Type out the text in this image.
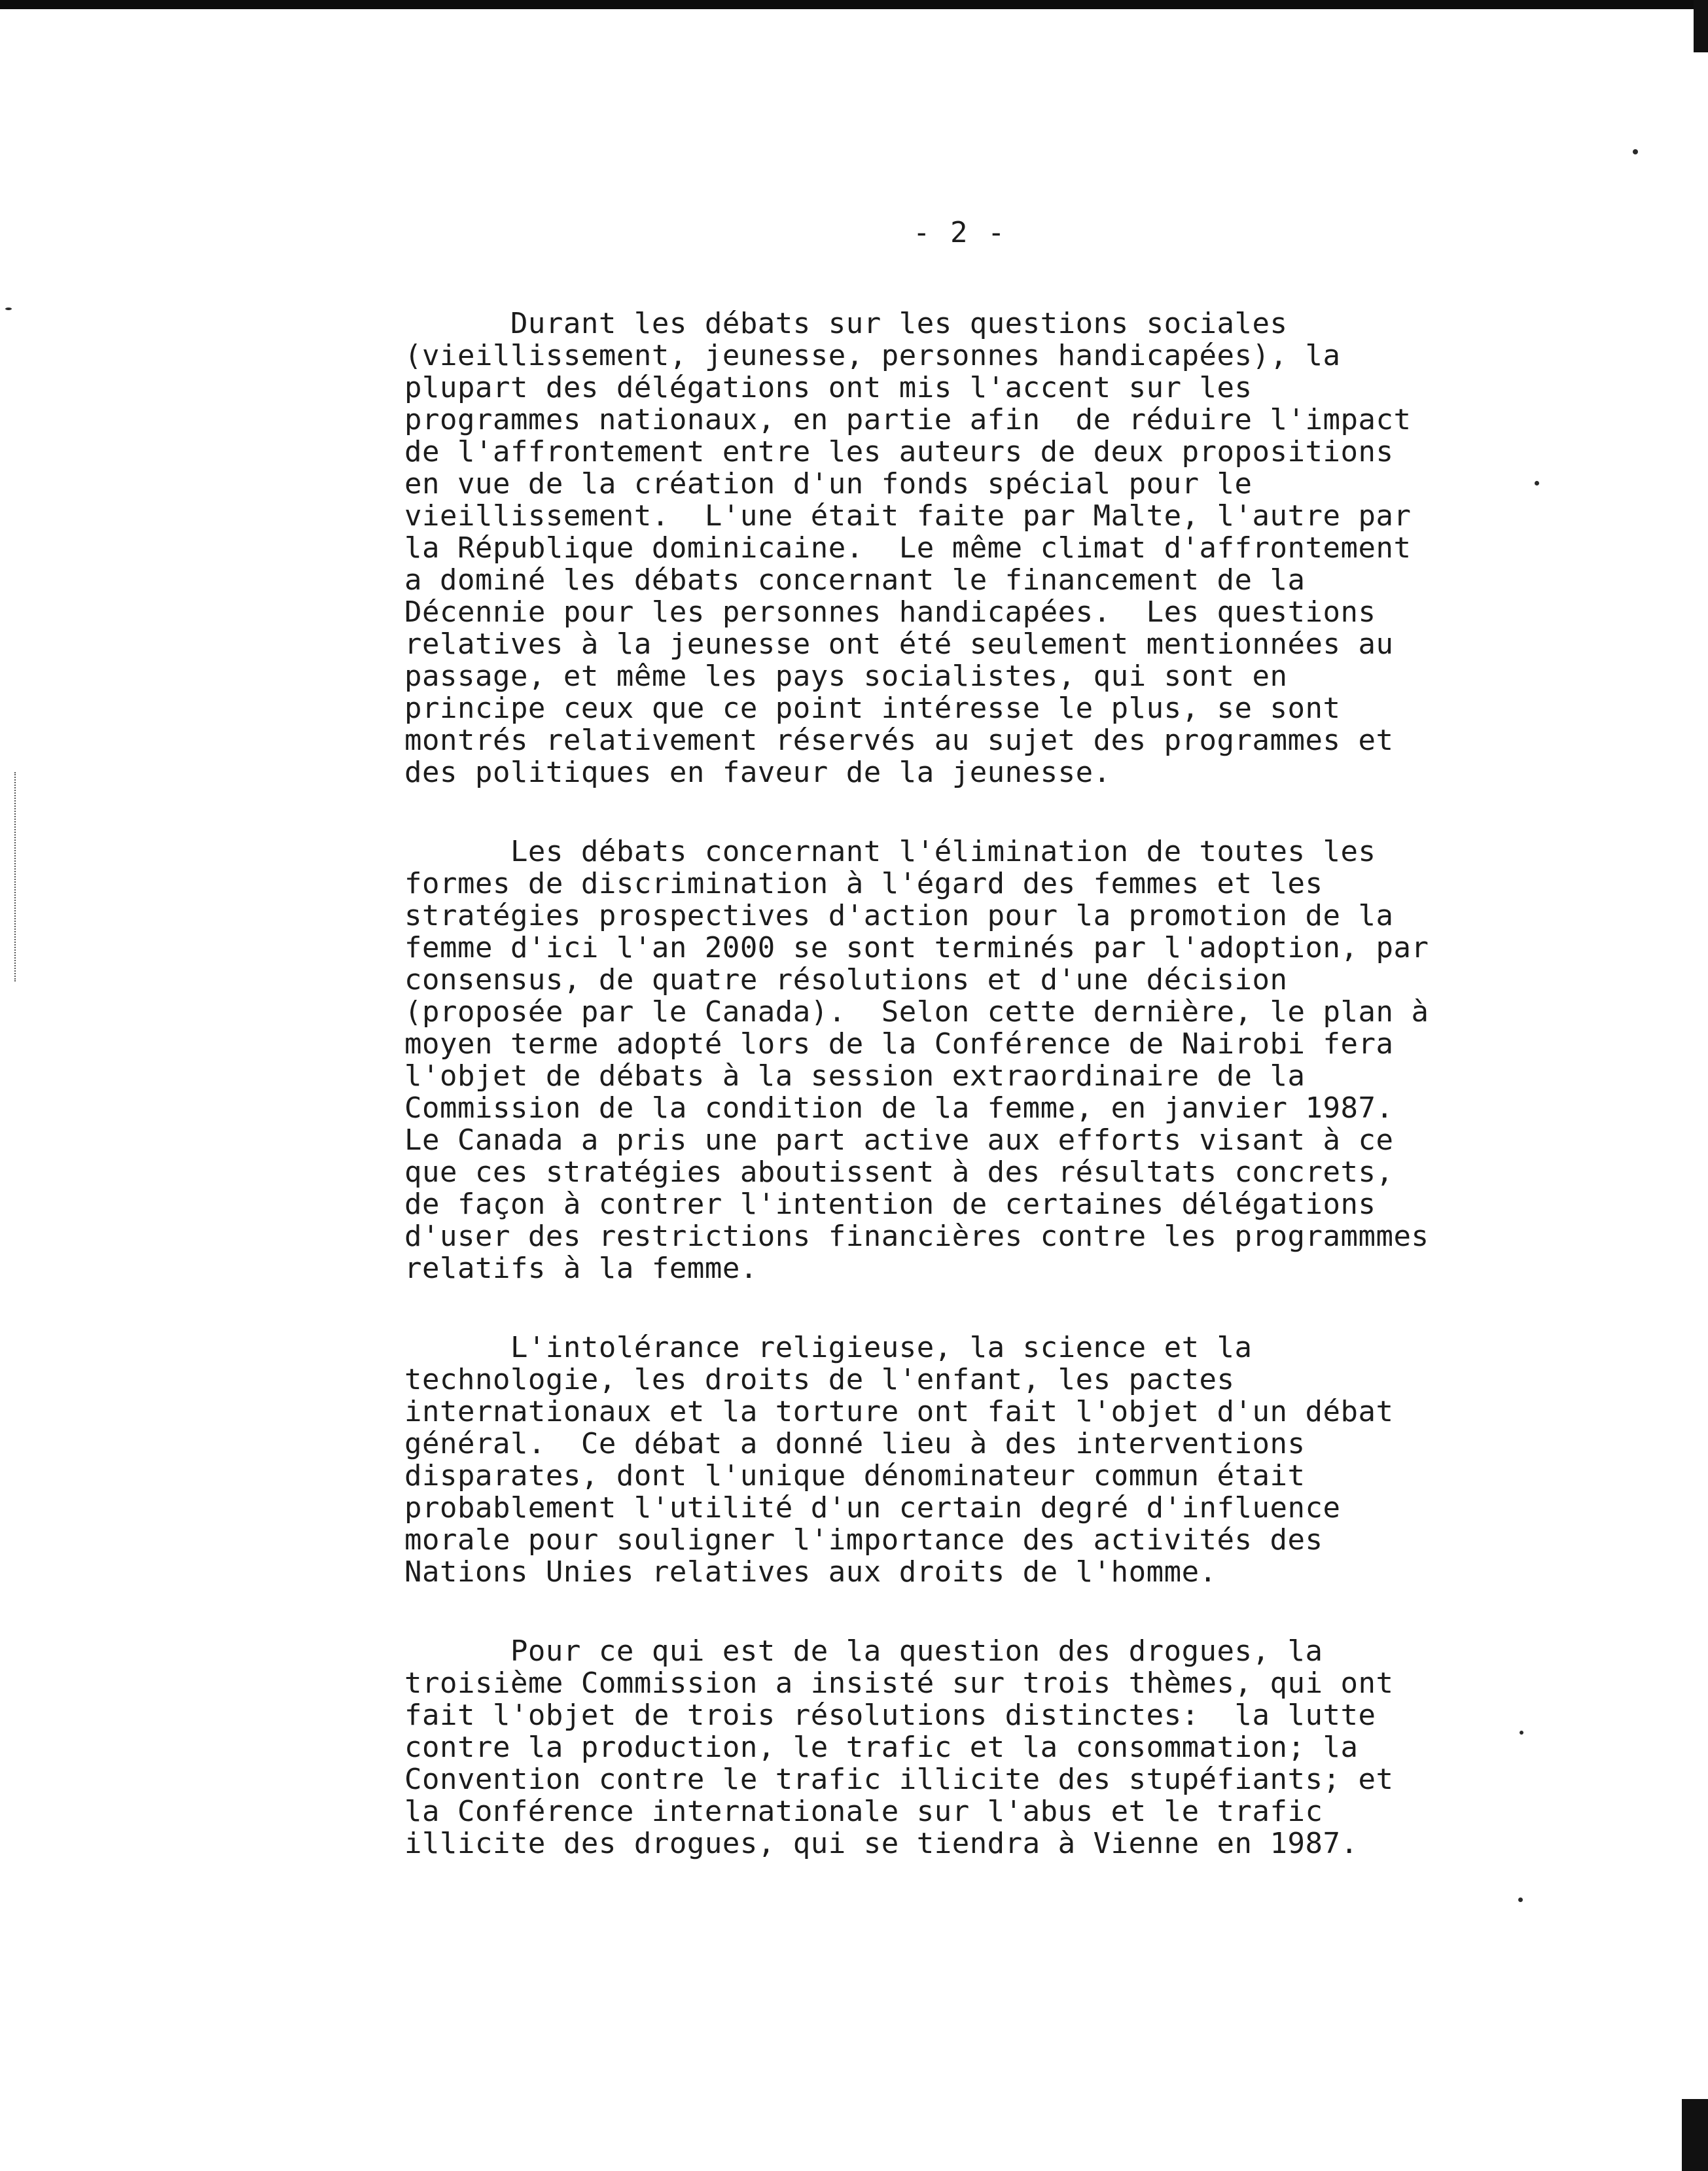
- 2 -
Durant les débats sur les questions sociales
(vieillissement, jeunesse, personnes handicapées), la
plupart des délégations ont mis l'accent sur les
programmes nationaux, en partie afin  de réduire l'impact
de l'affrontement entre les auteurs de deux propositions
en vue de la création d'un fonds spécial pour le
vieillissement.  L'une était faite par Malte, l'autre par
la République dominicaine.  Le même climat d'affrontement
a dominé les débats concernant le financement de la
Décennie pour les personnes handicapées.  Les questions
relatives à la jeunesse ont été seulement mentionnées au
passage, et même les pays socialistes, qui sont en
principe ceux que ce point intéresse le plus, se sont
montrés relativement réservés au sujet des programmes et
des politiques en faveur de la jeunesse.
Les débats concernant l'élimination de toutes les
formes de discrimination à l'égard des femmes et les
stratégies prospectives d'action pour la promotion de la
femme d'ici l'an 2000 se sont terminés par l'adoption, par
consensus, de quatre résolutions et d'une décision
(proposée par le Canada).  Selon cette dernière, le plan à
moyen terme adopté lors de la Conférence de Nairobi fera
l'objet de débats à la session extraordinaire de la
Commission de la condition de la femme, en janvier 1987.
Le Canada a pris une part active aux efforts visant à ce
que ces stratégies aboutissent à des résultats concrets,
de façon à contrer l'intention de certaines délégations
d'user des restrictions financières contre les programmmes
relatifs à la femme.
L'intolérance religieuse, la science et la
technologie, les droits de l'enfant, les pactes
internationaux et la torture ont fait l'objet d'un débat
général.  Ce débat a donné lieu à des interventions
disparates, dont l'unique dénominateur commun était
probablement l'utilité d'un certain degré d'influence
morale pour souligner l'importance des activités des
Nations Unies relatives aux droits de l'homme.
Pour ce qui est de la question des drogues, la
troisième Commission a insisté sur trois thèmes, qui ont
fait l'objet de trois résolutions distinctes:  la lutte
contre la production, le trafic et la consommation; la
Convention contre le trafic illicite des stupéfiants; et
la Conférence internationale sur l'abus et le trafic
illicite des drogues, qui se tiendra à Vienne en 1987.
